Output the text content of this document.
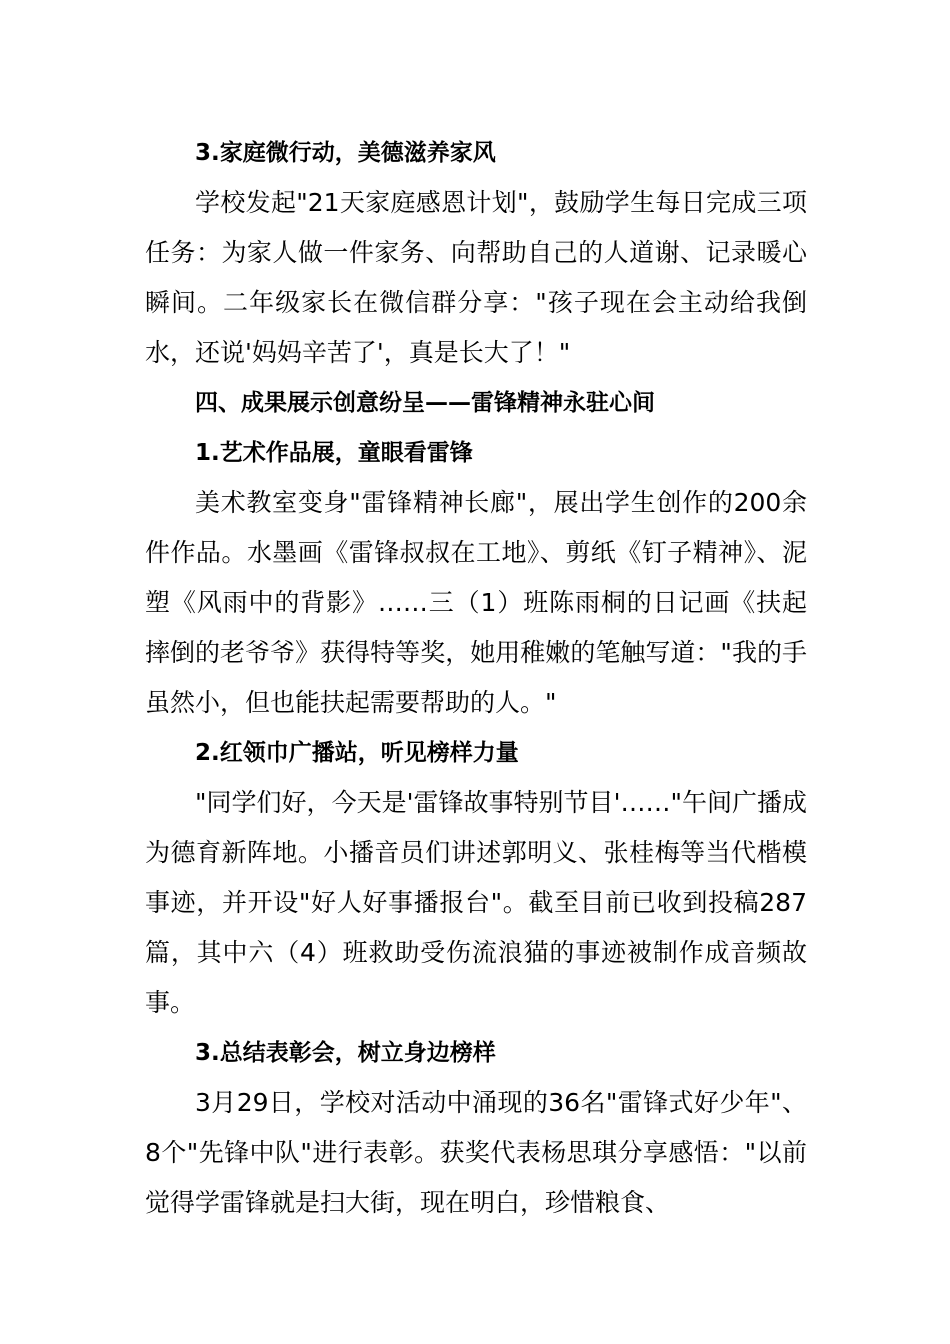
3.家庭微行动，美德滋养家风

学校发起"21天家庭感恩计划"，鼓励学生每日完成三项任务：为家人做一件家务、向帮助自己的人道谢、记录暖心瞬间。二年级家长在微信群分享："孩子现在会主动给我倒水，还说'妈妈辛苦了'，真是长大了！"

四、成果展示创意纷呈——雷锋精神永驻心间
1.艺术作品展，童眼看雷锋

美术教室变身"雷锋精神长廊"，展出学生创作的200余件作品。水墨画《雷锋叔叔在工地》、剪纸《钉子精神》、泥塑《风雨中的背影》……三（1）班陈雨桐的日记画《扶起摔倒的老爷爷》获得特等奖，她用稚嫩的笔触写道："我的手虽然小，但也能扶起需要帮助的人。"

2.红领巾广播站，听见榜样力量

"同学们好，今天是'雷锋故事特别节目'……"午间广播成为德育新阵地。小播音员们讲述郭明义、张桂梅等当代楷模事迹，并开设"好人好事播报台"。截至目前已收到投稿287篇，其中六（4）班救助受伤流浪猫的事迹被制作成音频故事。

3.总结表彰会，树立身边榜样

3月29日，学校对活动中涌现的36名"雷锋式好少年"、8个"先锋中队"进行表彰。获奖代表杨思琪分享感悟："以前觉得学雷锋就是扫大街，现在明白，珍惜粮食、
